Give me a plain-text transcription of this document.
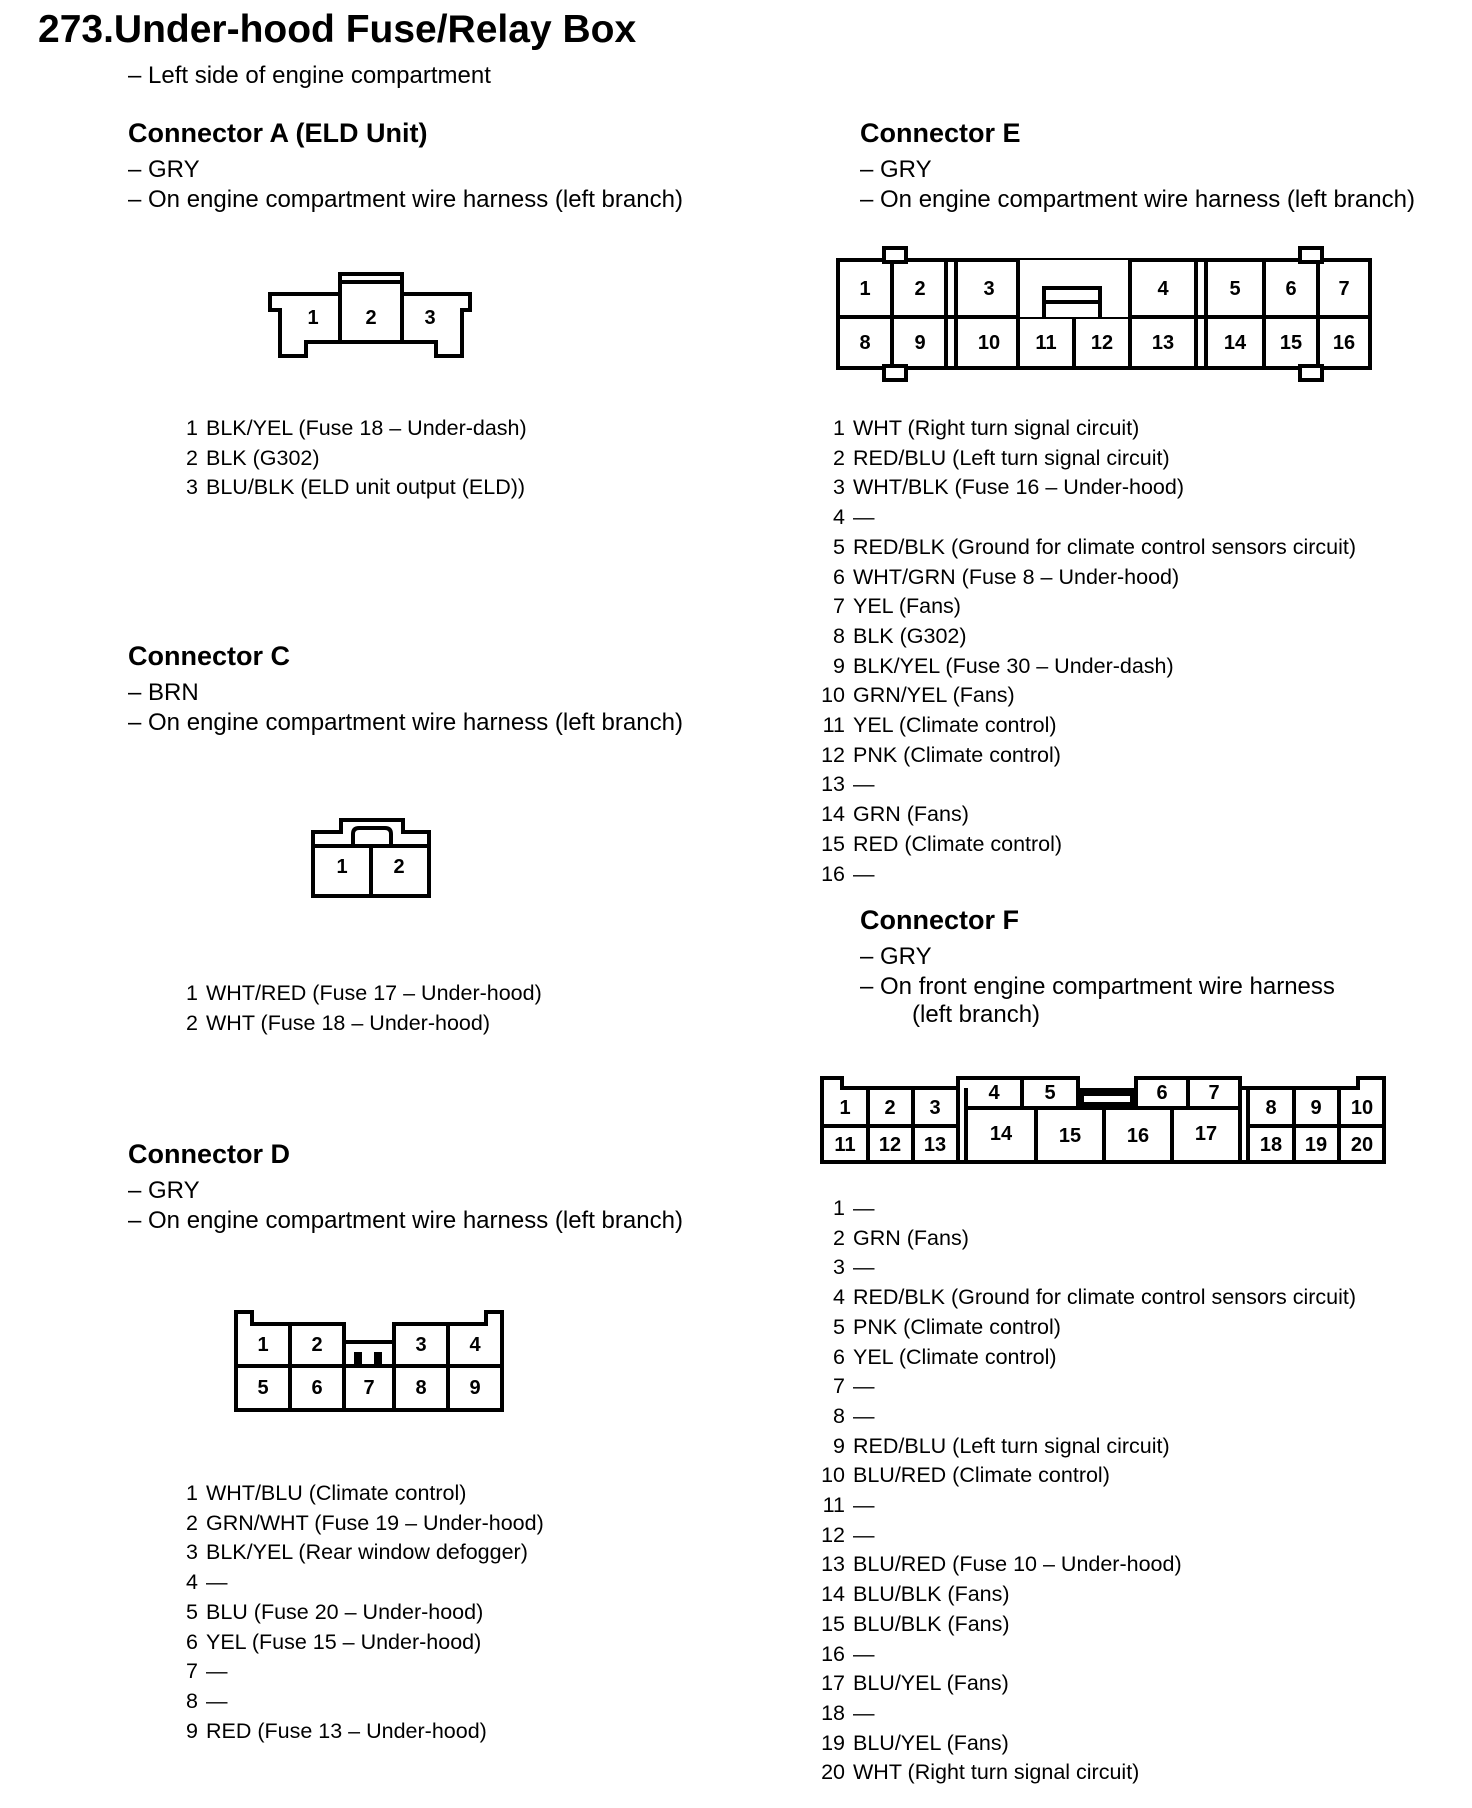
273.Under-hood Fuse/Relay Box
– Left side of engine compartment
Connector A (ELD Unit)
– GRY
– On engine compartment wire harness (left branch)
1 2 3
1 BLK/YEL (Fuse 18 – Under-dash)
2 BLK (G302)
3 BLU/BLK (ELD unit output (ELD))
Connector C
– BRN
– On engine compartment wire harness (left branch)
1 2
1 WHT/RED (Fuse 17 – Under-hood)
2 WHT (Fuse 18 – Under-hood)
Connector D
– GRY
– On engine compartment wire harness (left branch)
1 2	3 4
5 6 7 8 9
1 WHT/BLU (Climate control)
2 GRN/WHT (Fuse 19 – Under-hood)
3 BLK/YEL (Rear window defogger)
4 —
5 BLU (Fuse 20 – Under-hood)
6 YEL (Fuse 15 – Under-hood)
7 —
8 —
9 RED (Fuse 13 – Under-hood)
Connector E
– GRY
– On engine compartment wire harness (left branch)
1 2	3	4	5 6 7
8 9	10 11 12 13 14 15 16
1 WHT (Right turn signal circuit)
2 RED/BLU (Left turn signal circuit)
3 WHT/BLK (Fuse 16 – Under-hood)
4 —
5 RED/BLK (Ground for climate control sensors circuit)
6 WHT/GRN (Fuse 8 – Under-hood)
7 YEL (Fans)
8 BLK (G302)
9 BLK/YEL (Fuse 30 – Under-dash)
10 GRN/YEL (Fans)
11 YEL (Climate control)
12 PNK (Climate control)
13 —
14 GRN (Fans)
15 RED (Climate control)
16 —
Connector F
– GRY
– On front engine compartment wire harness
(left branch)
1 2 3
4 5	6 7
8 9 10
11 12 13 14 15 16 17 18 19 20
1 —
2 GRN (Fans)
3 —
4 RED/BLK (Ground for climate control sensors circuit)
5 PNK (Climate control)
6 YEL (Climate control)
7 —
8 —
9 RED/BLU (Left turn signal circuit)
10 BLU/RED (Climate control)
11 —
12 —
13 BLU/RED (Fuse 10 – Under-hood)
14 BLU/BLK (Fans)
15 BLU/BLK (Fans)
16 —
17 BLU/YEL (Fans)
18 —
19 BLU/YEL (Fans)
20 WHT (Right turn signal circuit)
